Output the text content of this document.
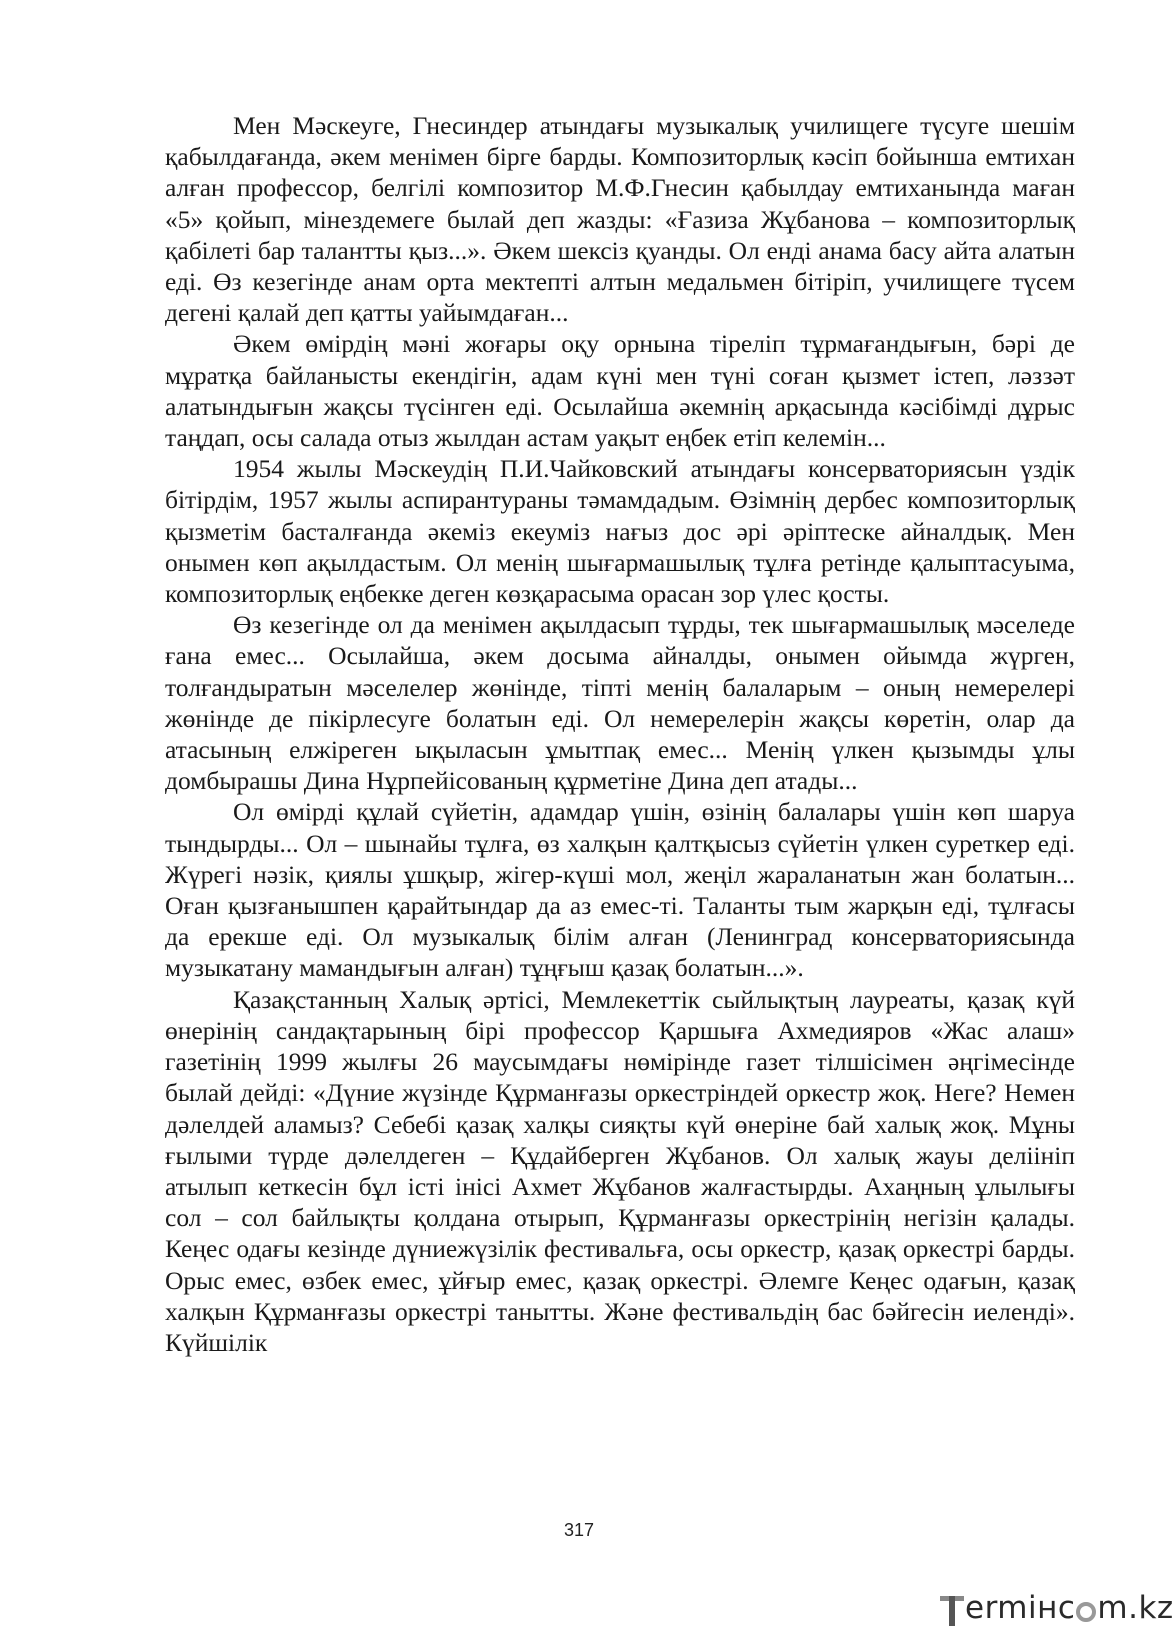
Мен Мәскеуге, Гнесиндер атындағы музыкалық училищеге түсуге шешім қабылдағанда, әкем менімен бірге барды. Композиторлық кәсіп бойынша емтихан алған профессор, белгілі композитор М.Ф.Гнесин қабылдау емтиханында маған «5» қойып, мінездемеге былай деп жазды: «Ғазиза Жұбанова – композиторлық қабілеті бар талантты қыз...». Әкем шексіз қуанды. Ол енді анама басу айта алатын еді. Өз кезегінде анам орта мектепті алтын медальмен бітіріп, училищеге түсем дегені қалай деп қатты уайымдаған...

Әкем өмірдің мәні жоғары оқу орнына тіреліп тұрмағандығын, бәрі де мұратқа байланысты екендігін, адам күні мен түні соған қызмет істеп, ләззәт алатындығын жақсы түсінген еді. Осылайша әкемнің арқасында кәсібімді дұрыс таңдап, осы салада отыз жылдан астам уақыт еңбек етіп келемін...

1954 жылы Мәскеудің П.И.Чайковский атындағы консерваториясын үздік бітірдім, 1957 жылы аспирантураны тәмамдадым. Өзімнің дербес композиторлық қызметім басталғанда әкеміз екеуміз нағыз дос әрі әріптеске айналдық. Мен онымен көп ақылдастым. Ол менің шығармашылық тұлға ретінде қалыптасуыма, композиторлық еңбекке деген көзқарасыма орасан зор үлес қосты.

Өз кезегінде ол да менімен ақылдасып тұрды, тек шығармашылық мәселеде ғана емес... Осылайша, әкем досыма айналды, онымен ойымда жүрген, толғандыратын мәселелер жөнінде, тіпті менің балаларым – оның немерелері жөнінде де пікірлесуге болатын еді. Ол немерелерін жақсы көретін, олар да атасының елжіреген ықыласын ұмытпақ емес... Менің үлкен қызымды ұлы домбырашы Дина Нұрпейісованың құрметіне Дина деп атады...

Ол өмірді құлай сүйетін, адамдар үшін, өзінің балалары үшін көп шаруа тындырды... Ол – шынайы тұлға, өз халқын қалтқысыз сүйетін үлкен суреткер еді. Жүрегі нәзік, қиялы ұшқыр, жігер-күші мол, жеңіл жараланатын жан болатын... Оған қызғанышпен қарайтындар да аз емес-ті. Таланты тым жарқын еді, тұлғасы да ерекше еді. Ол музыкалық білім алған (Ленинград консерваториясында музыкатану мамандығын алған) тұңғыш қазақ болатын...».

Қазақстанның Халық әртісі, Мемлекеттік сыйлықтың лауреаты, қазақ күй өнерінің сандақтарының бірі профессор Қаршыға Ахмедияров «Жас алаш» газетінің 1999 жылғы 26 маусымдағы нөмірінде газет тілшісімен әңгімесінде былай дейді: «Дүние жүзінде Құрманғазы оркестріндей оркестр жоқ. Неге? Немен дәлелдей аламыз? Себебі қазақ халқы сияқты күй өнеріне бай халық жоқ. Мұны ғылыми түрде дәлелдеген – Құдайберген Жұбанов. Ол халық жауы деліініп атылып кеткесін бұл істі інісі Ахмет Жұбанов жалғастырды. Ахаңның ұлылығы сол – сол байлықты қолдана отырып, Құрманғазы оркестрінің негізін қалады. Кеңес одағы кезінде дүниежүзілік фестивальға, осы оркестр, қазақ оркестрі барды. Орыс емес, өзбек емес, ұйғыр емес, қазақ оркестрі. Әлемге Кеңес одағын, қазақ халқын Құрманғазы оркестрі танытты. Және фестивальдің бас бәйгесін иеленді». Күйшілік

317
ermінc m.kz
